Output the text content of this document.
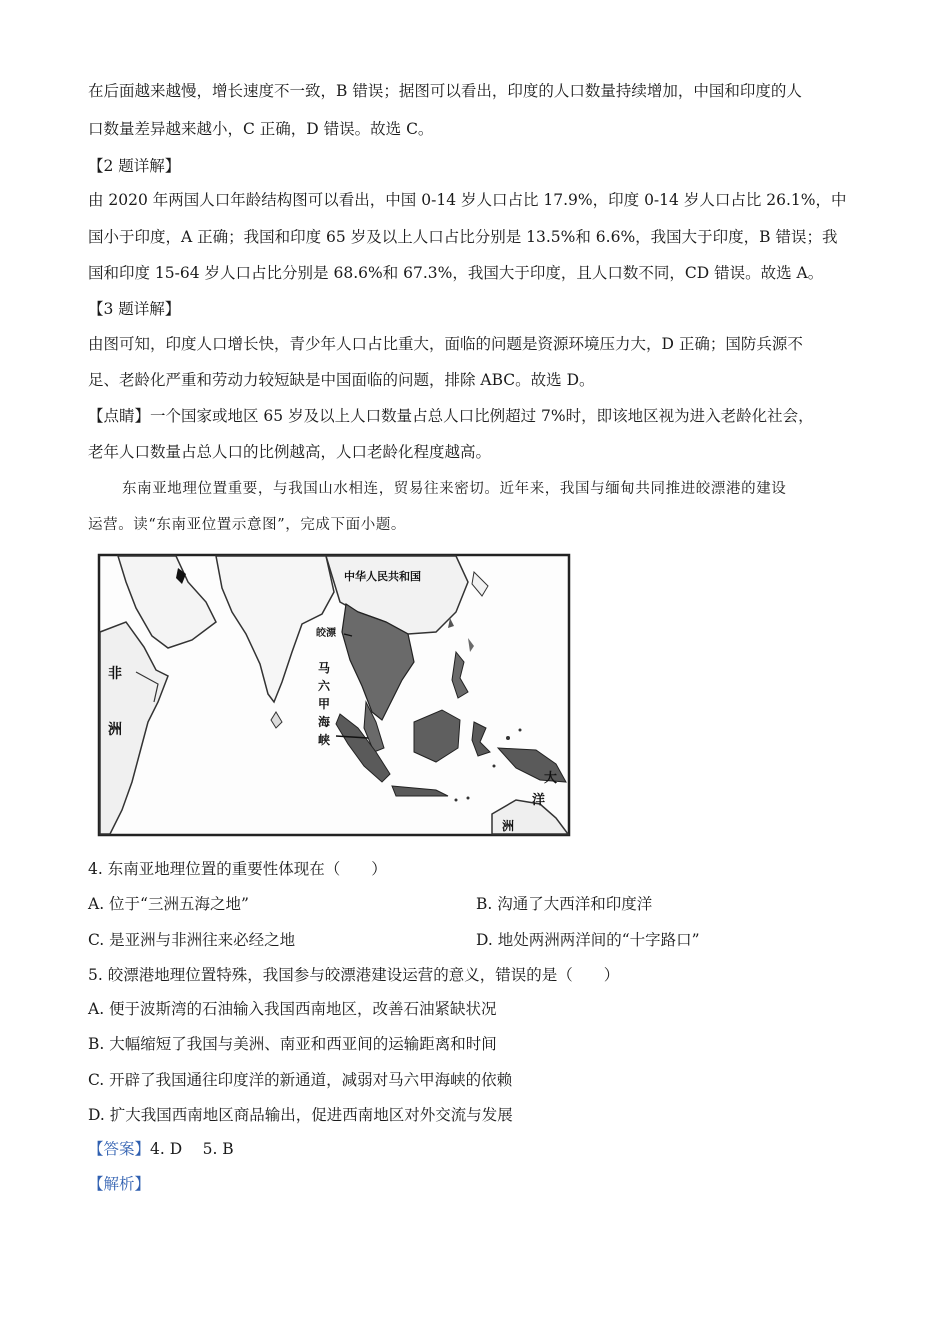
在后面越来越慢，增长速度不一致，B 错误；据图可以看出，印度的人口数量持续增加，中国和印度的人
口数量差异越来越小，C 正确，D 错误。故选 C。
【2 题详解】
由 2020 年两国人口年龄结构图可以看出，中国 0-14 岁人口占比 17.9%，印度 0-14 岁人口占比 26.1%，中
国小于印度，A 正确；我国和印度 65 岁及以上人口占比分别是 13.5%和 6.6%，我国大于印度，B 错误；我
国和印度 15-64 岁人口占比分别是 68.6%和 67.3%，我国大于印度，且人口数不同，CD 错误。故选 A。
【3 题详解】
由图可知，印度人口增长快，青少年人口占比重大，面临的问题是资源环境压力大，D 正确；国防兵源不
足、老龄化严重和劳动力较短缺是中国面临的问题，排除 ABC。故选 D。
【点睛】一个国家或地区 65 岁及以上人口数量占总人口比例超过 7%时，即该地区视为进入老龄化社会，
老年人口数量占总人口的比例越高，人口老龄化程度越高。
东南亚地理位置重要，与我国山水相连，贸易往来密切。近年来，我国与缅甸共同推进皎漂港的建设
运营。读“东南亚位置示意图”，完成下面小题。
中华人民共和国
非
洲
皎漂
马
六
甲
海
峡
大
洋
洲
4. 东南亚地理位置的重要性体现在（　　）
A. 位于“三洲五海之地”	B. 沟通了大西洋和印度洋
C. 是亚洲与非洲往来必经之地	D. 地处两洲两洋间的“十字路口”
5. 皎漂港地理位置特殊，我国参与皎漂港建设运营的意义，错误的是（　　）
A. 便于波斯湾的石油输入我国西南地区，改善石油紧缺状况
B. 大幅缩短了我国与美洲、南亚和西亚间的运输距离和时间
C. 开辟了我国通往印度洋的新通道，减弱对马六甲海峡的依赖
D. 扩大我国西南地区商品输出，促进西南地区对外交流与发展
【答案】4. D　 5. B
【解析】
